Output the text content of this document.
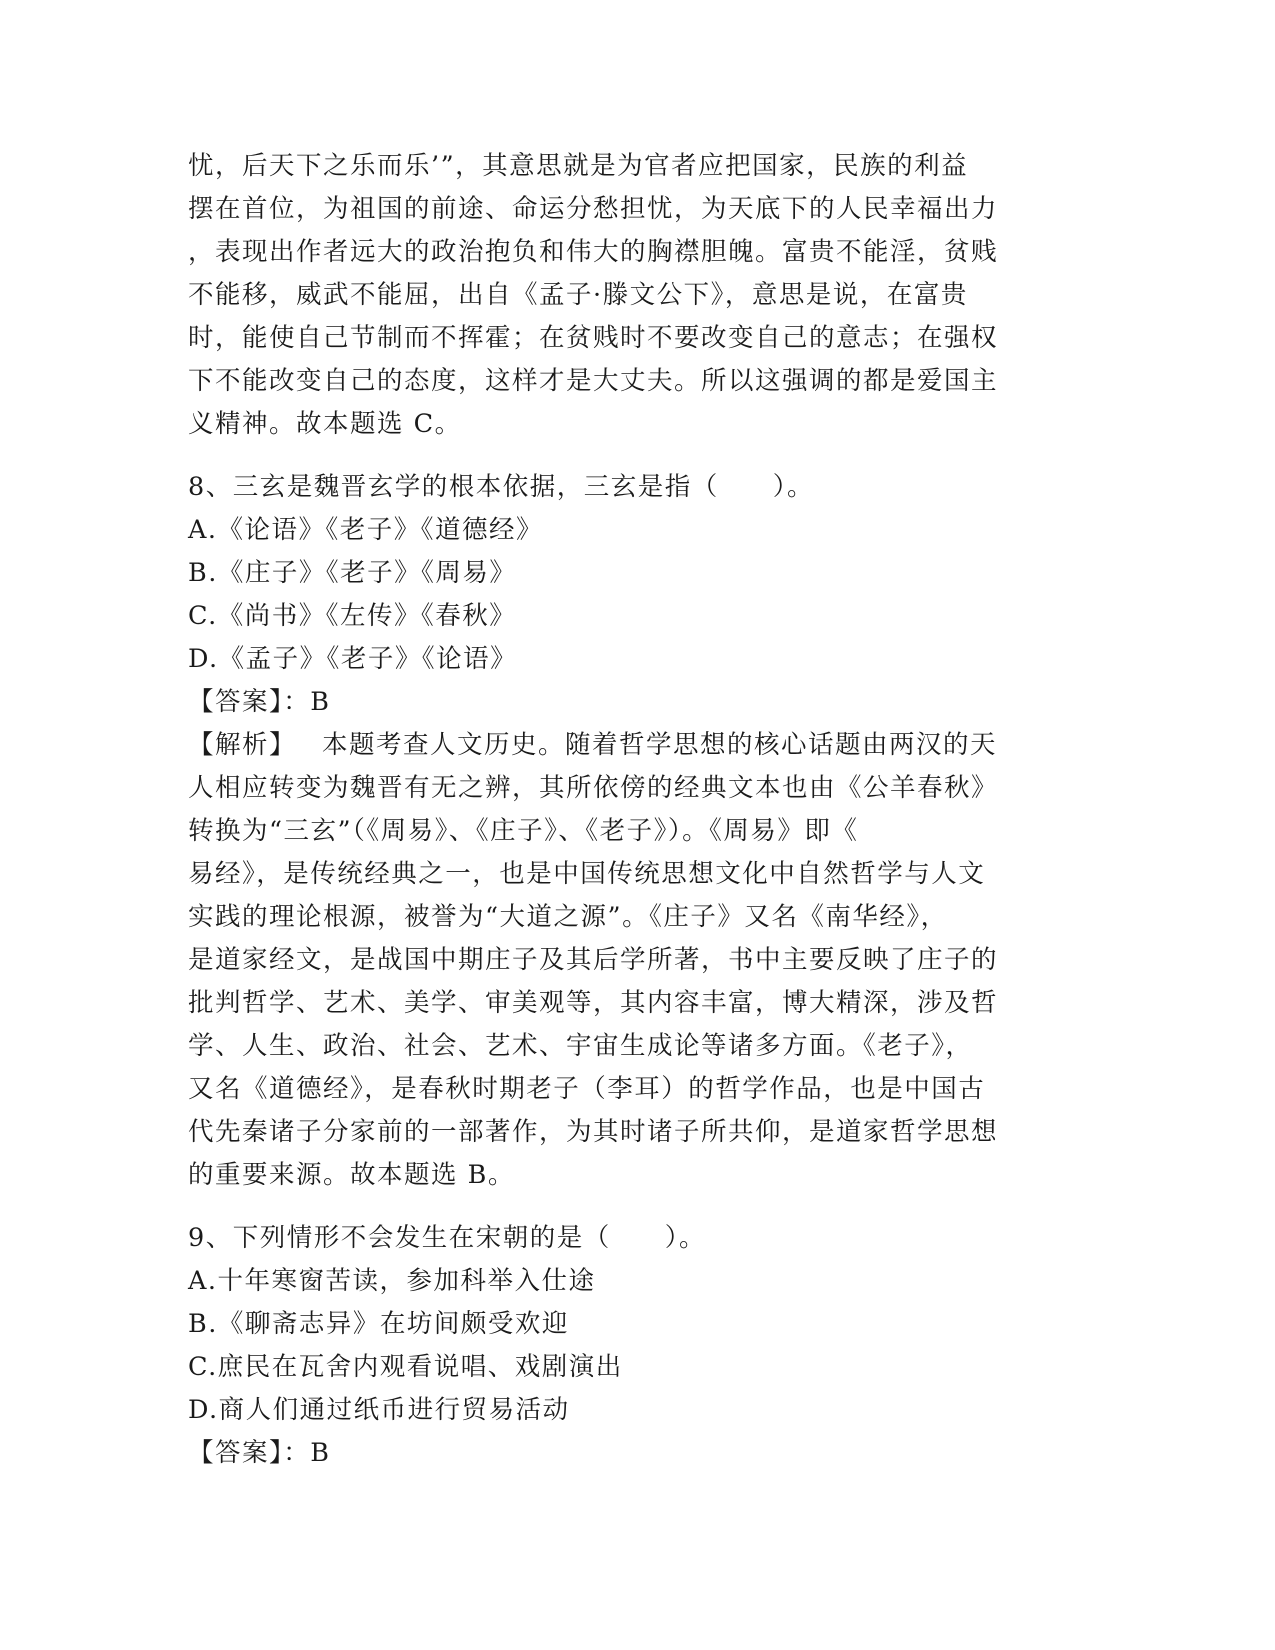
忧，后天下之乐而乐’”，其意思就是为官者应把国家，民族的利益
摆在首位，为祖国的前途、命运分愁担忧，为天底下的人民幸福出力
，表现出作者远大的政治抱负和伟大的胸襟胆魄。富贵不能淫，贫贱
不能移，威武不能屈，出自《孟子·滕文公下》，意思是说，在富贵
时，能使自己节制而不挥霍；在贫贱时不要改变自己的意志；在强权
下不能改变自己的态度，这样才是大丈夫。所以这强调的都是爱国主
义精神。故本题选 C。
8、三玄是魏晋玄学的根本依据，三玄是指（　　）。
A.《论语》《老子》《道德经》
B.《庄子》《老子》《周易》
C.《尚书》《左传》《春秋》
D.《孟子》《老子》《论语》
【答案】：B
【解析】 本题考查人文历史。随着哲学思想的核心话题由两汉的天
人相应转变为魏晋有无之辨，其所依傍的经典文本也由《公羊春秋》
转换为“三玄”（《周易》、《庄子》、《老子》）。《周易》即《
易经》，是传统经典之一，也是中国传统思想文化中自然哲学与人文
实践的理论根源，被誉为“大道之源”。《庄子》又名《南华经》，
是道家经文，是战国中期庄子及其后学所著，书中主要反映了庄子的
批判哲学、艺术、美学、审美观等，其内容丰富，博大精深，涉及哲
学、人生、政治、社会、艺术、宇宙生成论等诸多方面。《老子》，
又名《道德经》，是春秋时期老子（李耳）的哲学作品，也是中国古
代先秦诸子分家前的一部著作，为其时诸子所共仰，是道家哲学思想
的重要来源。故本题选 B。
9、下列情形不会发生在宋朝的是（　　）。
A.十年寒窗苦读，参加科举入仕途
B.《聊斋志异》在坊间颇受欢迎
C.庶民在瓦舍内观看说唱、戏剧演出
D.商人们通过纸币进行贸易活动
【答案】：B
